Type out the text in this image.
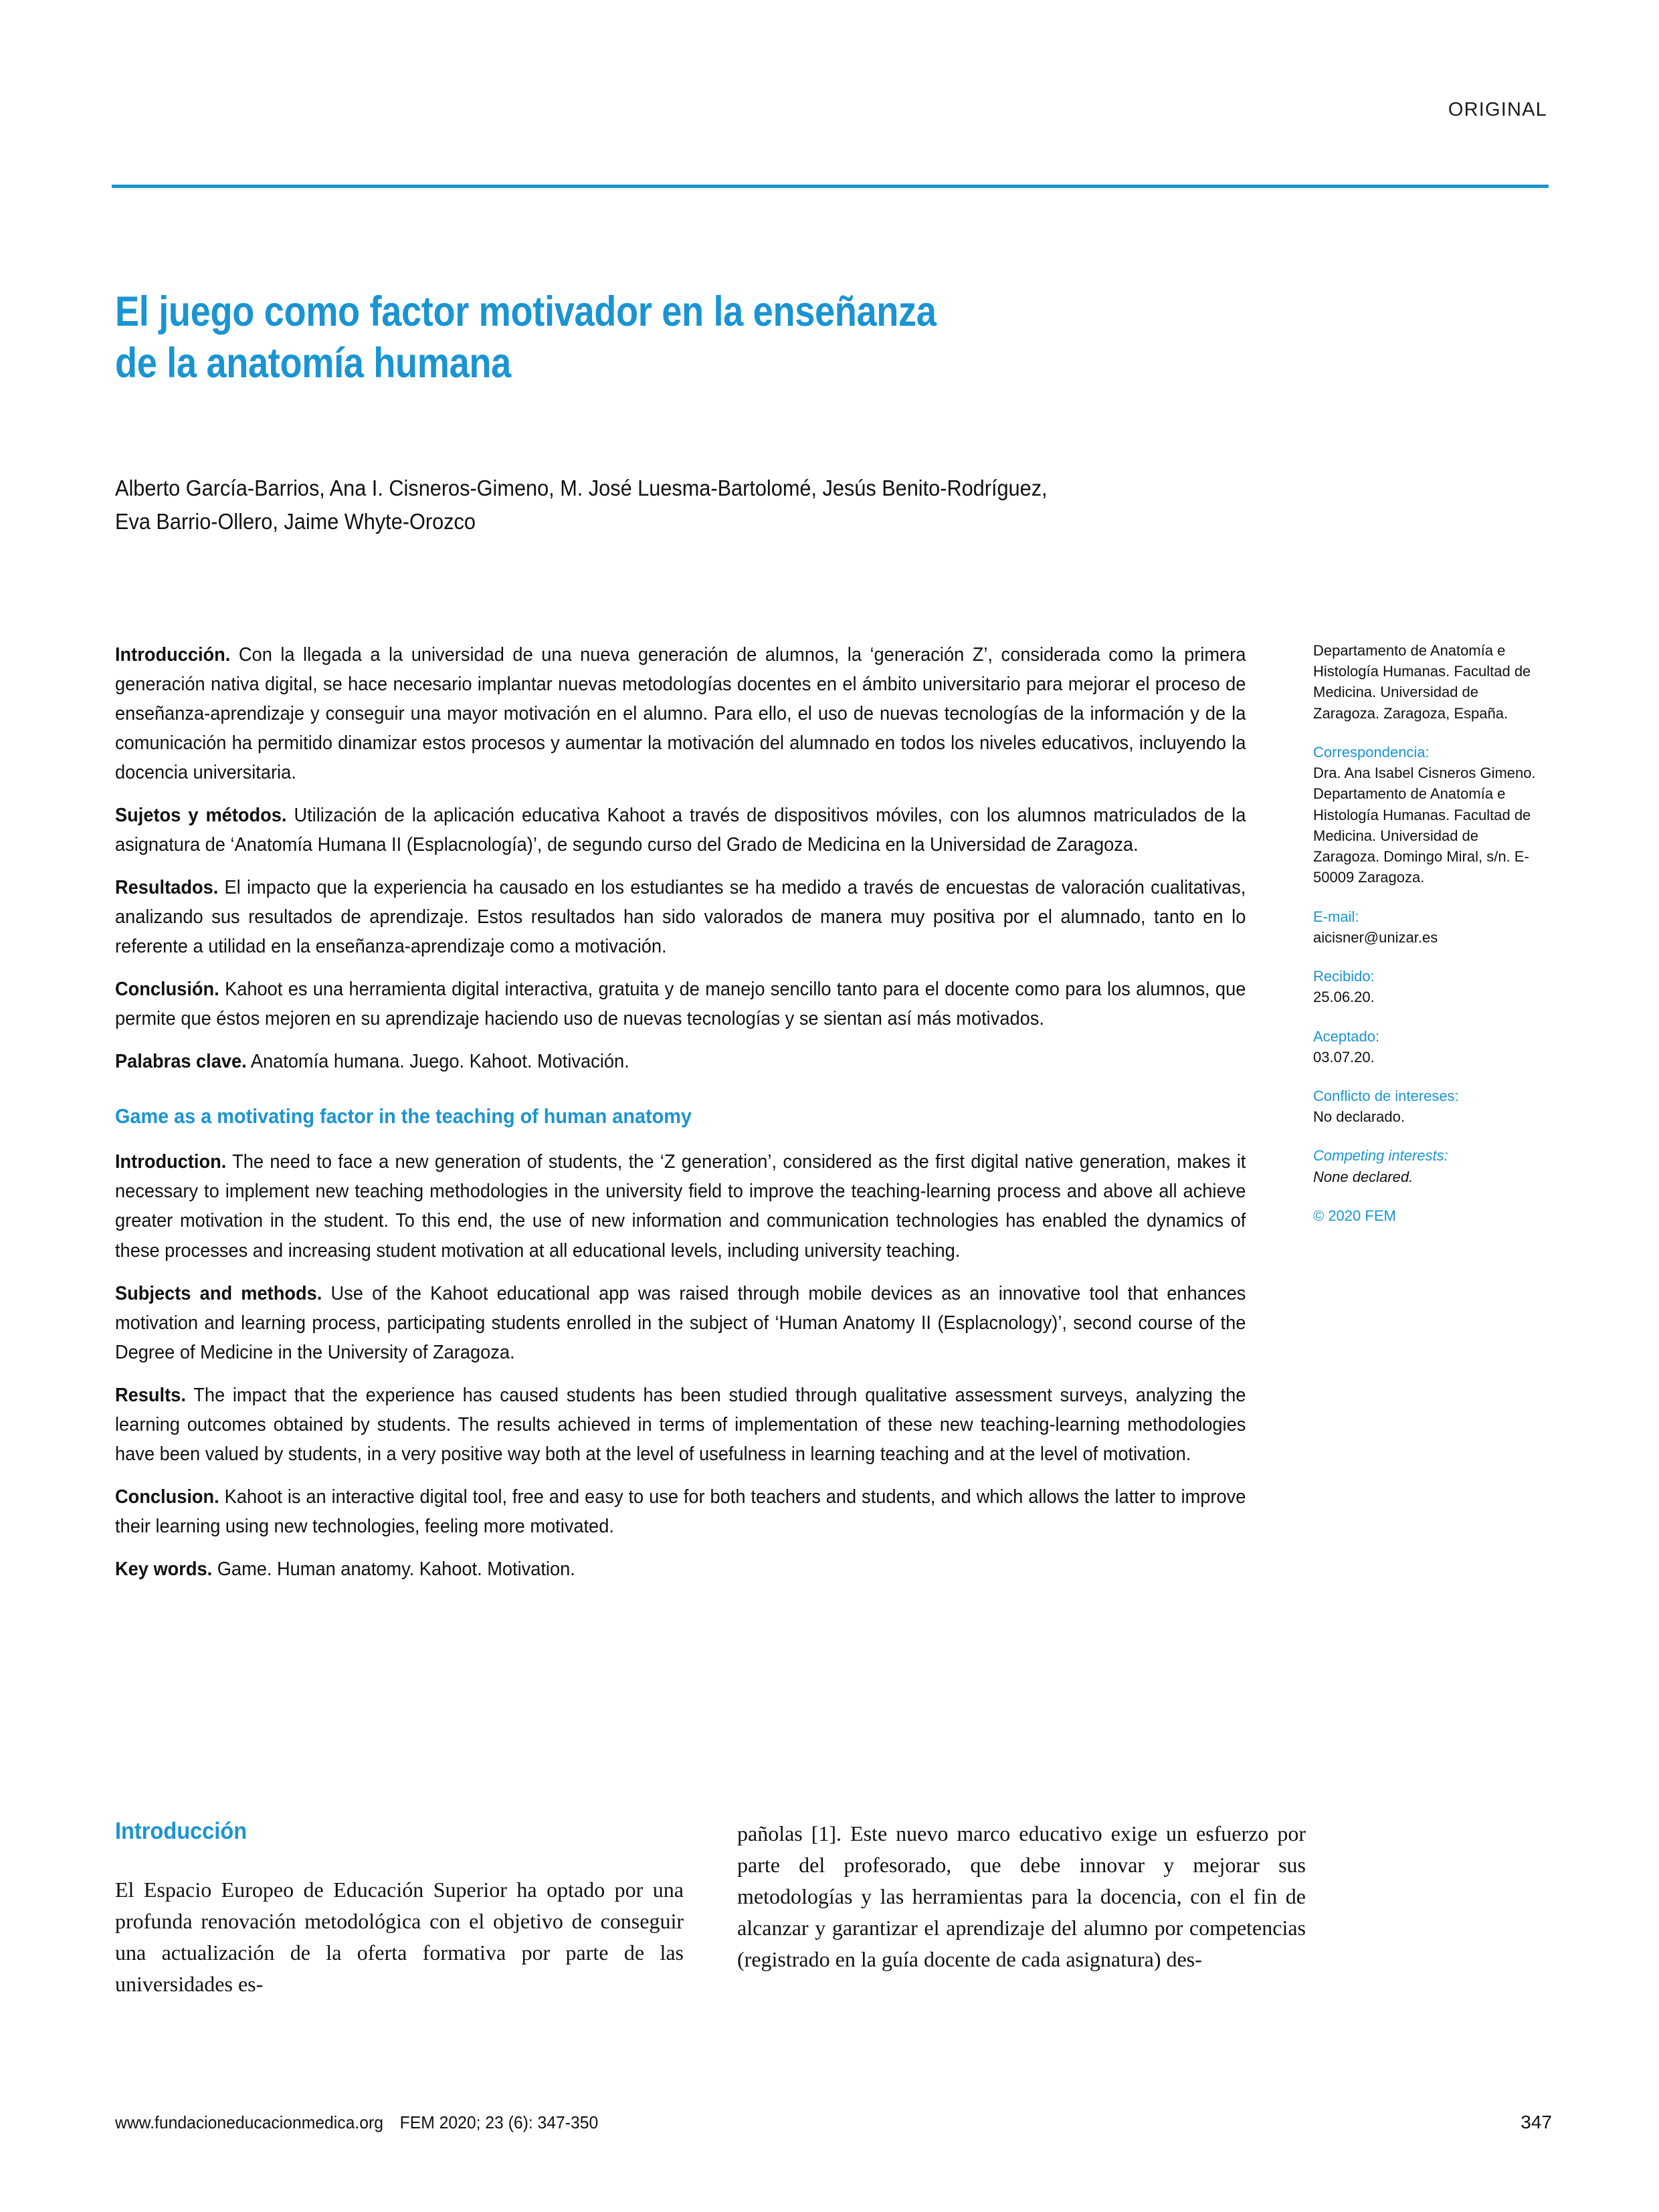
ORIGINAL
El juego como factor motivador en la enseñanza
de la anatomía humana
Alberto García-Barrios, Ana I. Cisneros-Gimeno, M. José Luesma-Bartolomé, Jesús Benito-Rodríguez,
Eva Barrio-Ollero, Jaime Whyte-Orozco

Introducción. Con la llegada a la universidad de una nueva generación de alumnos, la ‘generación Z’, considerada como la primera generación nativa digital, se hace necesario implantar nuevas metodologías docentes en el ámbito universitario para mejorar el proceso de enseñanza-aprendizaje y conseguir una mayor motivación en el alumno. Para ello, el uso de nuevas tecnologías de la información y de la comunicación ha permitido dinamizar estos procesos y aumentar la motivación del alumnado en todos los niveles educativos, incluyendo la docencia universitaria.

Sujetos y métodos. Utilización de la aplicación educativa Kahoot a través de dispositivos móviles, con los alumnos matriculados de la asignatura de ‘Anatomía Humana II (Esplacnología)’, de segundo curso del Grado de Medicina en la Universidad de Zaragoza.

Resultados. El impacto que la experiencia ha causado en los estudiantes se ha medido a través de encuestas de valoración cualitativas, analizando sus resultados de aprendizaje. Estos resultados han sido valorados de manera muy positiva por el alumnado, tanto en lo referente a utilidad en la enseñanza-aprendizaje como a motivación.

Conclusión. Kahoot es una herramienta digital interactiva, gratuita y de manejo sencillo tanto para el docente como para los alumnos, que permite que éstos mejoren en su aprendizaje haciendo uso de nuevas tecnologías y se sientan así más motivados.

Palabras clave. Anatomía humana. Juego. Kahoot. Motivación.

Game as a motivating factor in the teaching of human anatomy

Introduction. The need to face a new generation of students, the ‘Z generation’, considered as the first digital native generation, makes it necessary to implement new teaching methodologies in the university field to improve the teaching-learning process and above all achieve greater motivation in the student. To this end, the use of new information and communication technologies has enabled the dynamics of these processes and increasing student motivation at all educational levels, including university teaching.

Subjects and methods. Use of the Kahoot educational app was raised through mobile devices as an innovative tool that enhances motivation and learning process, participating students enrolled in the subject of ‘Human Anatomy II (Esplacnology)’, second course of the Degree of Medicine in the University of Zaragoza.

Results. The impact that the experience has caused students has been studied through qualitative assessment surveys, analyzing the learning outcomes obtained by students. The results achieved in terms of implementation of these new teaching-learning methodologies have been valued by students, in a very positive way both at the level of usefulness in learning teaching and at the level of motivation.

Conclusion. Kahoot is an interactive digital tool, free and easy to use for both teachers and students, and which allows the latter to improve their learning using new technologies, feeling more motivated.

Key words. Game. Human anatomy. Kahoot. Motivation.

Departamento de Anatomía e Histología Humanas. Facultad de Medicina. Universidad de Zaragoza. Zaragoza, España.
Correspondencia:
Dra. Ana Isabel Cisneros Gimeno. Departamento de Anatomía e Histología Humanas. Facultad de Medicina. Universidad de Zaragoza. Domingo Miral, s/n. E-50009 Zaragoza.
E-mail:
aicisner@unizar.es
Recibido:
25.06.20.
Aceptado:
03.07.20.
Conflicto de intereses:
No declarado.
Competing interests:
None declared.
© 2020 FEM
Introducción

El Espacio Europeo de Educación Superior ha optado por una profunda renovación metodológica con el objetivo de conseguir una actualización de la oferta formativa por parte de las universidades es-

pañolas [1]. Este nuevo marco educativo exige un esfuerzo por parte del profesorado, que debe innovar y mejorar sus metodologías y las herramientas para la docencia, con el fin de alcanzar y garantizar el aprendizaje del alumno por competencias (registrado en la guía docente de cada asignatura) des-

www.fundacioneducacionmedica.org FEM 2020; 23 (6): 347-350	347
